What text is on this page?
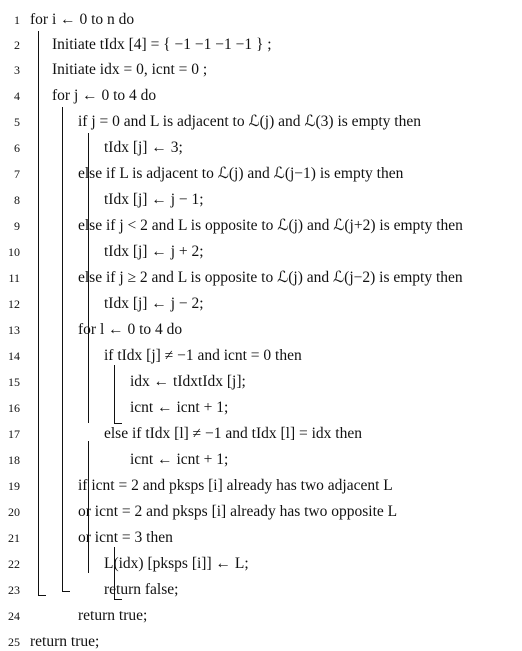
1
2
3
4
5
6
7
8
9
10
11
12
13
14
15
16
17
18
19
20
21
22
23
24
25
for i ← 0 to n do
Initiate tIdx [4] = { −1 −1 −1 −1 } ;
Initiate idx = 0, icnt = 0 ;
for j ← 0 to 4 do
if j = 0 and L is adjacent to ℒ(j) and ℒ(3) is empty then
tIdx [j] ← 3;
else if L is adjacent to ℒ(j) and ℒ(j−1) is empty then
tIdx [j] ← j − 1;
else if j < 2 and L is opposite to ℒ(j) and ℒ(j+2) is empty then
tIdx [j] ← j + 2;
else if j ≥ 2 and L is opposite to ℒ(j) and ℒ(j−2) is empty then
tIdx [j] ← j − 2;
for l ← 0 to 4 do
if tIdx [j] ≠ −1 and icnt = 0 then
idx ← tIdxtIdx [j];
icnt ← icnt + 1;
else if tIdx [l] ≠ −1 and tIdx [l] = idx then
icnt ← icnt + 1;
if icnt = 2 and pksps [i] already has two adjacent L
or icnt = 2 and pksps [i] already has two opposite L
or icnt = 3 then
L(idx) [pksps [i]] ← L;
return false;
return true;
return true;
